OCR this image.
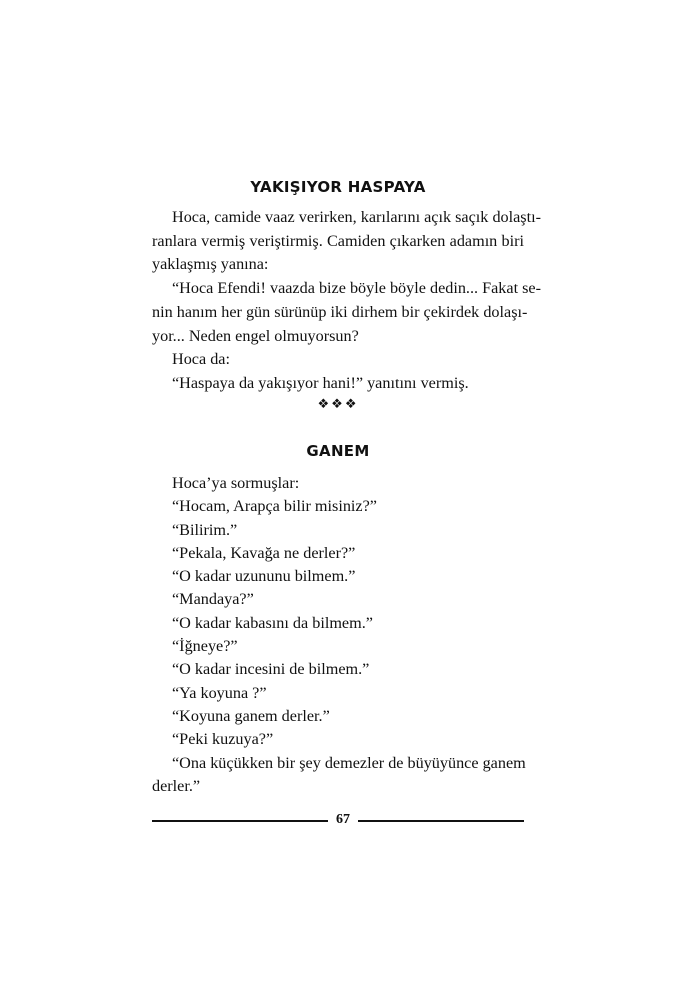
YAKIŞIYOR HASPAYA
Hoca, camide vaaz verirken, karılarını açık saçık dolaştı-
ranlara vermiş veriştirmiş. Camiden çıkarken adamın biri
yaklaşmış yanına:
“Hoca Efendi! vaazda bize böyle böyle dedin... Fakat se-
nin hanım her gün sürünüp iki dirhem bir çekirdek dolaşı-
yor... Neden engel olmuyorsun?
Hoca da:
“Haspaya da yakışıyor hani!” yanıtını vermiş.
❖❖❖
GANEM
Hoca’ya sormuşlar:
“Hocam, Arapça bilir misiniz?”
“Bilirim.”
“Pekala, Kavağa ne derler?”
“O kadar uzununu bilmem.”
“Mandaya?”
“O kadar kabasını da bilmem.”
“İğneye?”
“O kadar incesini de bilmem.”
“Ya koyuna ?”
“Koyuna ganem derler.”
“Peki kuzuya?”
“Ona küçükken bir şey demezler de büyüyünce ganem
derler.”
67
